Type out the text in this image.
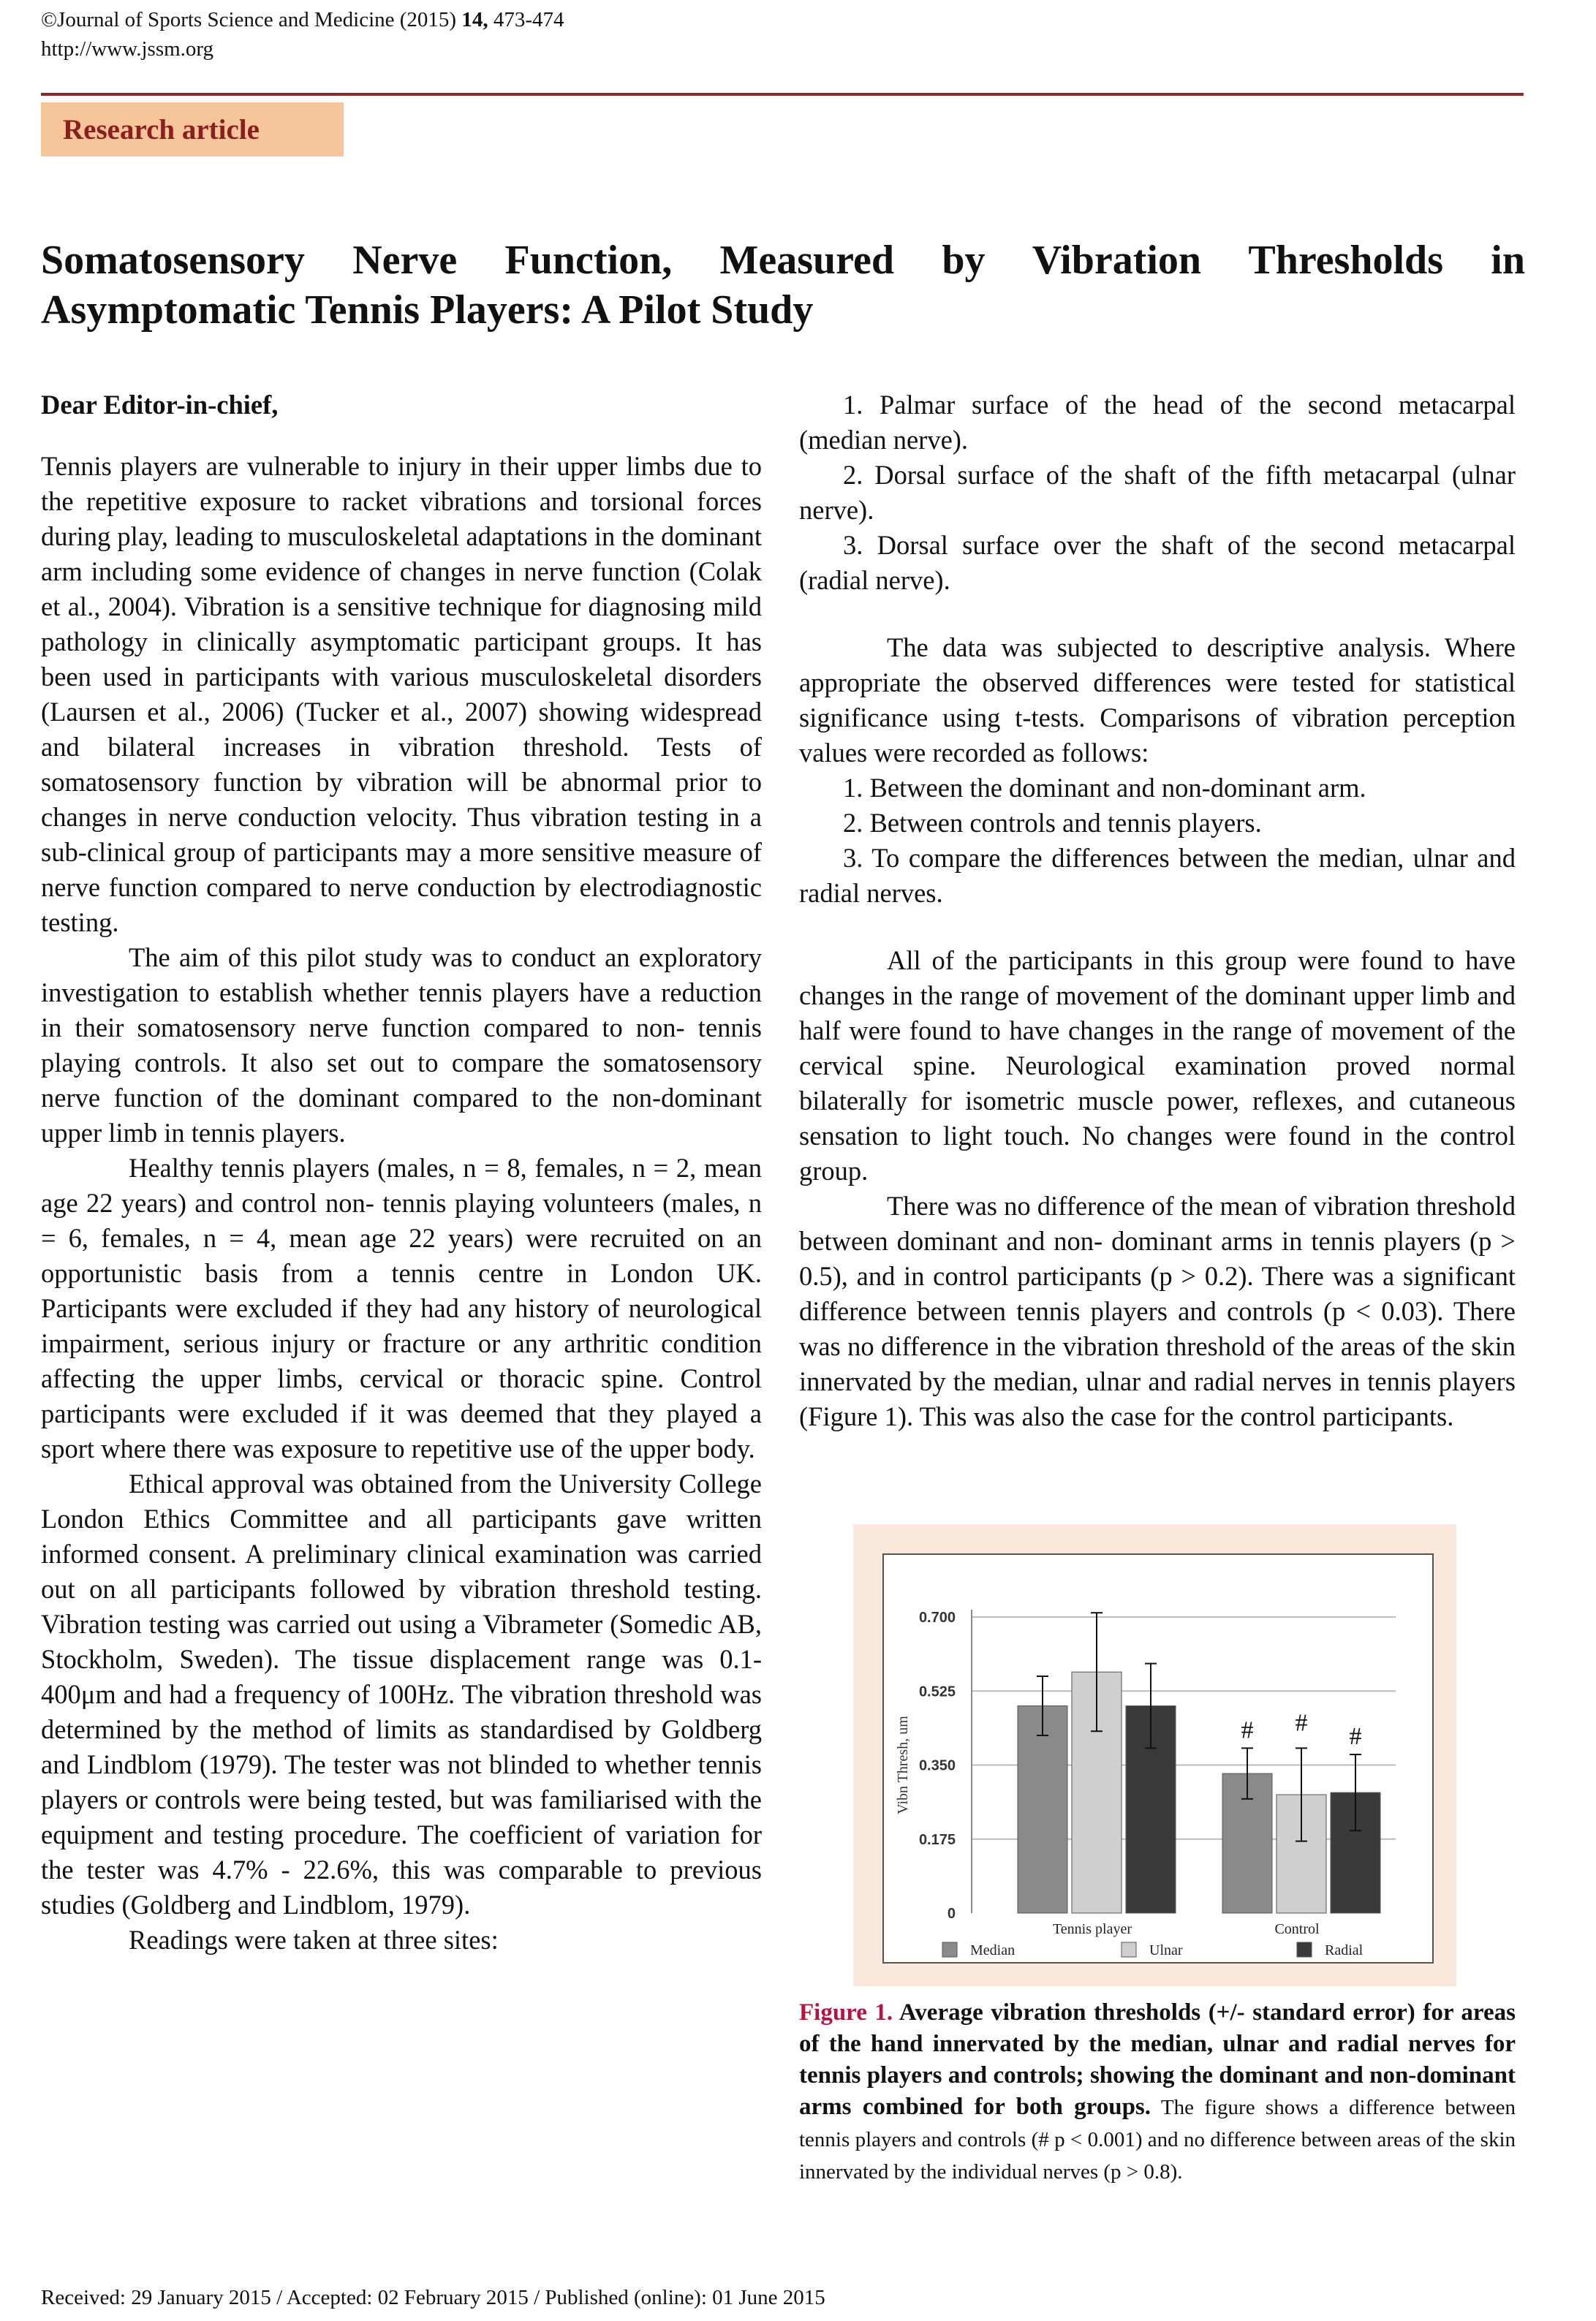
©Journal of Sports Science and Medicine (2015) 14, 473-474
http://www.jssm.org
Research article
Somatosensory Nerve Function, Measured by Vibration Thresholds in Asymptomatic Tennis Players: A Pilot Study

Dear Editor-in-chief,

Tennis players are vulnerable to injury in their upper limbs due to the repetitive exposure to racket vibrations and torsional forces during play, leading to musculoskeletal adaptations in the dominant arm including some evidence of changes in nerve function (Colak et al., 2004). Vibration is a sensitive technique for diagnosing mild pathology in clinically asymptomatic participant groups. It has been used in participants with various musculoskeletal disorders (Laursen et al., 2006) (Tucker et al., 2007) showing widespread and bilateral increases in vibration threshold. Tests of somatosensory function by vibration will be abnormal prior to changes in nerve conduction velocity. Thus vibration testing in a sub-clinical group of participants may a more sensitive measure of nerve function compared to nerve conduction by electrodiagnostic testing.

The aim of this pilot study was to conduct an exploratory investigation to establish whether tennis players have a reduction in their somatosensory nerve function compared to non- tennis playing controls. It also set out to compare the somatosensory nerve function of the dominant compared to the non-dominant upper limb in tennis players.

Healthy tennis players (males, n = 8, females, n = 2, mean age 22 years) and control non- tennis playing volunteers (males, n = 6, females, n = 4, mean age 22 years) were recruited on an opportunistic basis from a tennis centre in London UK. Participants were excluded if they had any history of neurological impairment, serious injury or fracture or any arthritic condition affecting the upper limbs, cervical or thoracic spine. Control participants were excluded if it was deemed that they played a sport where there was exposure to repetitive use of the upper body.

Ethical approval was obtained from the University College London Ethics Committee and all participants gave written informed consent. A preliminary clinical examination was carried out on all participants followed by vibration threshold testing. Vibration testing was carried out using a Vibrameter (Somedic AB, Stockholm, Sweden). The tissue displacement range was 0.1-400μm and had a frequency of 100Hz. The vibration threshold was determined by the method of limits as standardised by Goldberg and Lindblom (1979). The tester was not blinded to whether tennis players or controls were being tested, but was familiarised with the equipment and testing procedure. The coefficient of variation for the tester was 4.7% - 22.6%, this was comparable to previous studies (Goldberg and Lindblom, 1979).

Readings were taken at three sites:

1. Palmar surface of the head of the second metacarpal (median nerve).

2. Dorsal surface of the shaft of the fifth metacarpal (ulnar nerve).

3. Dorsal surface over the shaft of the second metacarpal (radial nerve).

The data was subjected to descriptive analysis. Where appropriate the observed differences were tested for statistical significance using t-tests. Comparisons of vibration perception values were recorded as follows:

1. Between the dominant and non-dominant arm.

2. Between controls and tennis players.

3. To compare the differences between the median, ulnar and radial nerves.

All of the participants in this group were found to have changes in the range of movement of the dominant upper limb and half were found to have changes in the range of movement of the cervical spine. Neurological examination proved normal bilaterally for isometric muscle power, reflexes, and cutaneous sensation to light touch. No changes were found in the control group.

There was no difference of the mean of vibration threshold between dominant and non- dominant arms in tennis players (p > 0.5), and in control participants (p > 0.2). There was a significant difference between tennis players and controls (p < 0.03). There was no difference in the vibration threshold of the areas of the skin innervated by the median, ulnar and radial nerves in tennis players (Figure 1). This was also the case for the control participants.

0
0.175
0.350
0.525
0.700
Vibn Thresh, um
Tennis player
# #
#
Control
Median	Ulnar	Radial
Figure 1. Average vibration thresholds (+/- standard error) for areas of the hand innervated by the median, ulnar and radial nerves for tennis players and controls; showing the dominant and non-dominant arms combined for both groups. The figure shows a difference between tennis players and controls (# p < 0.001) and no difference between areas of the skin innervated by the individual nerves (p > 0.8).
Received: 29 January 2015 / Accepted: 02 February 2015 / Published (online): 01 June 2015
